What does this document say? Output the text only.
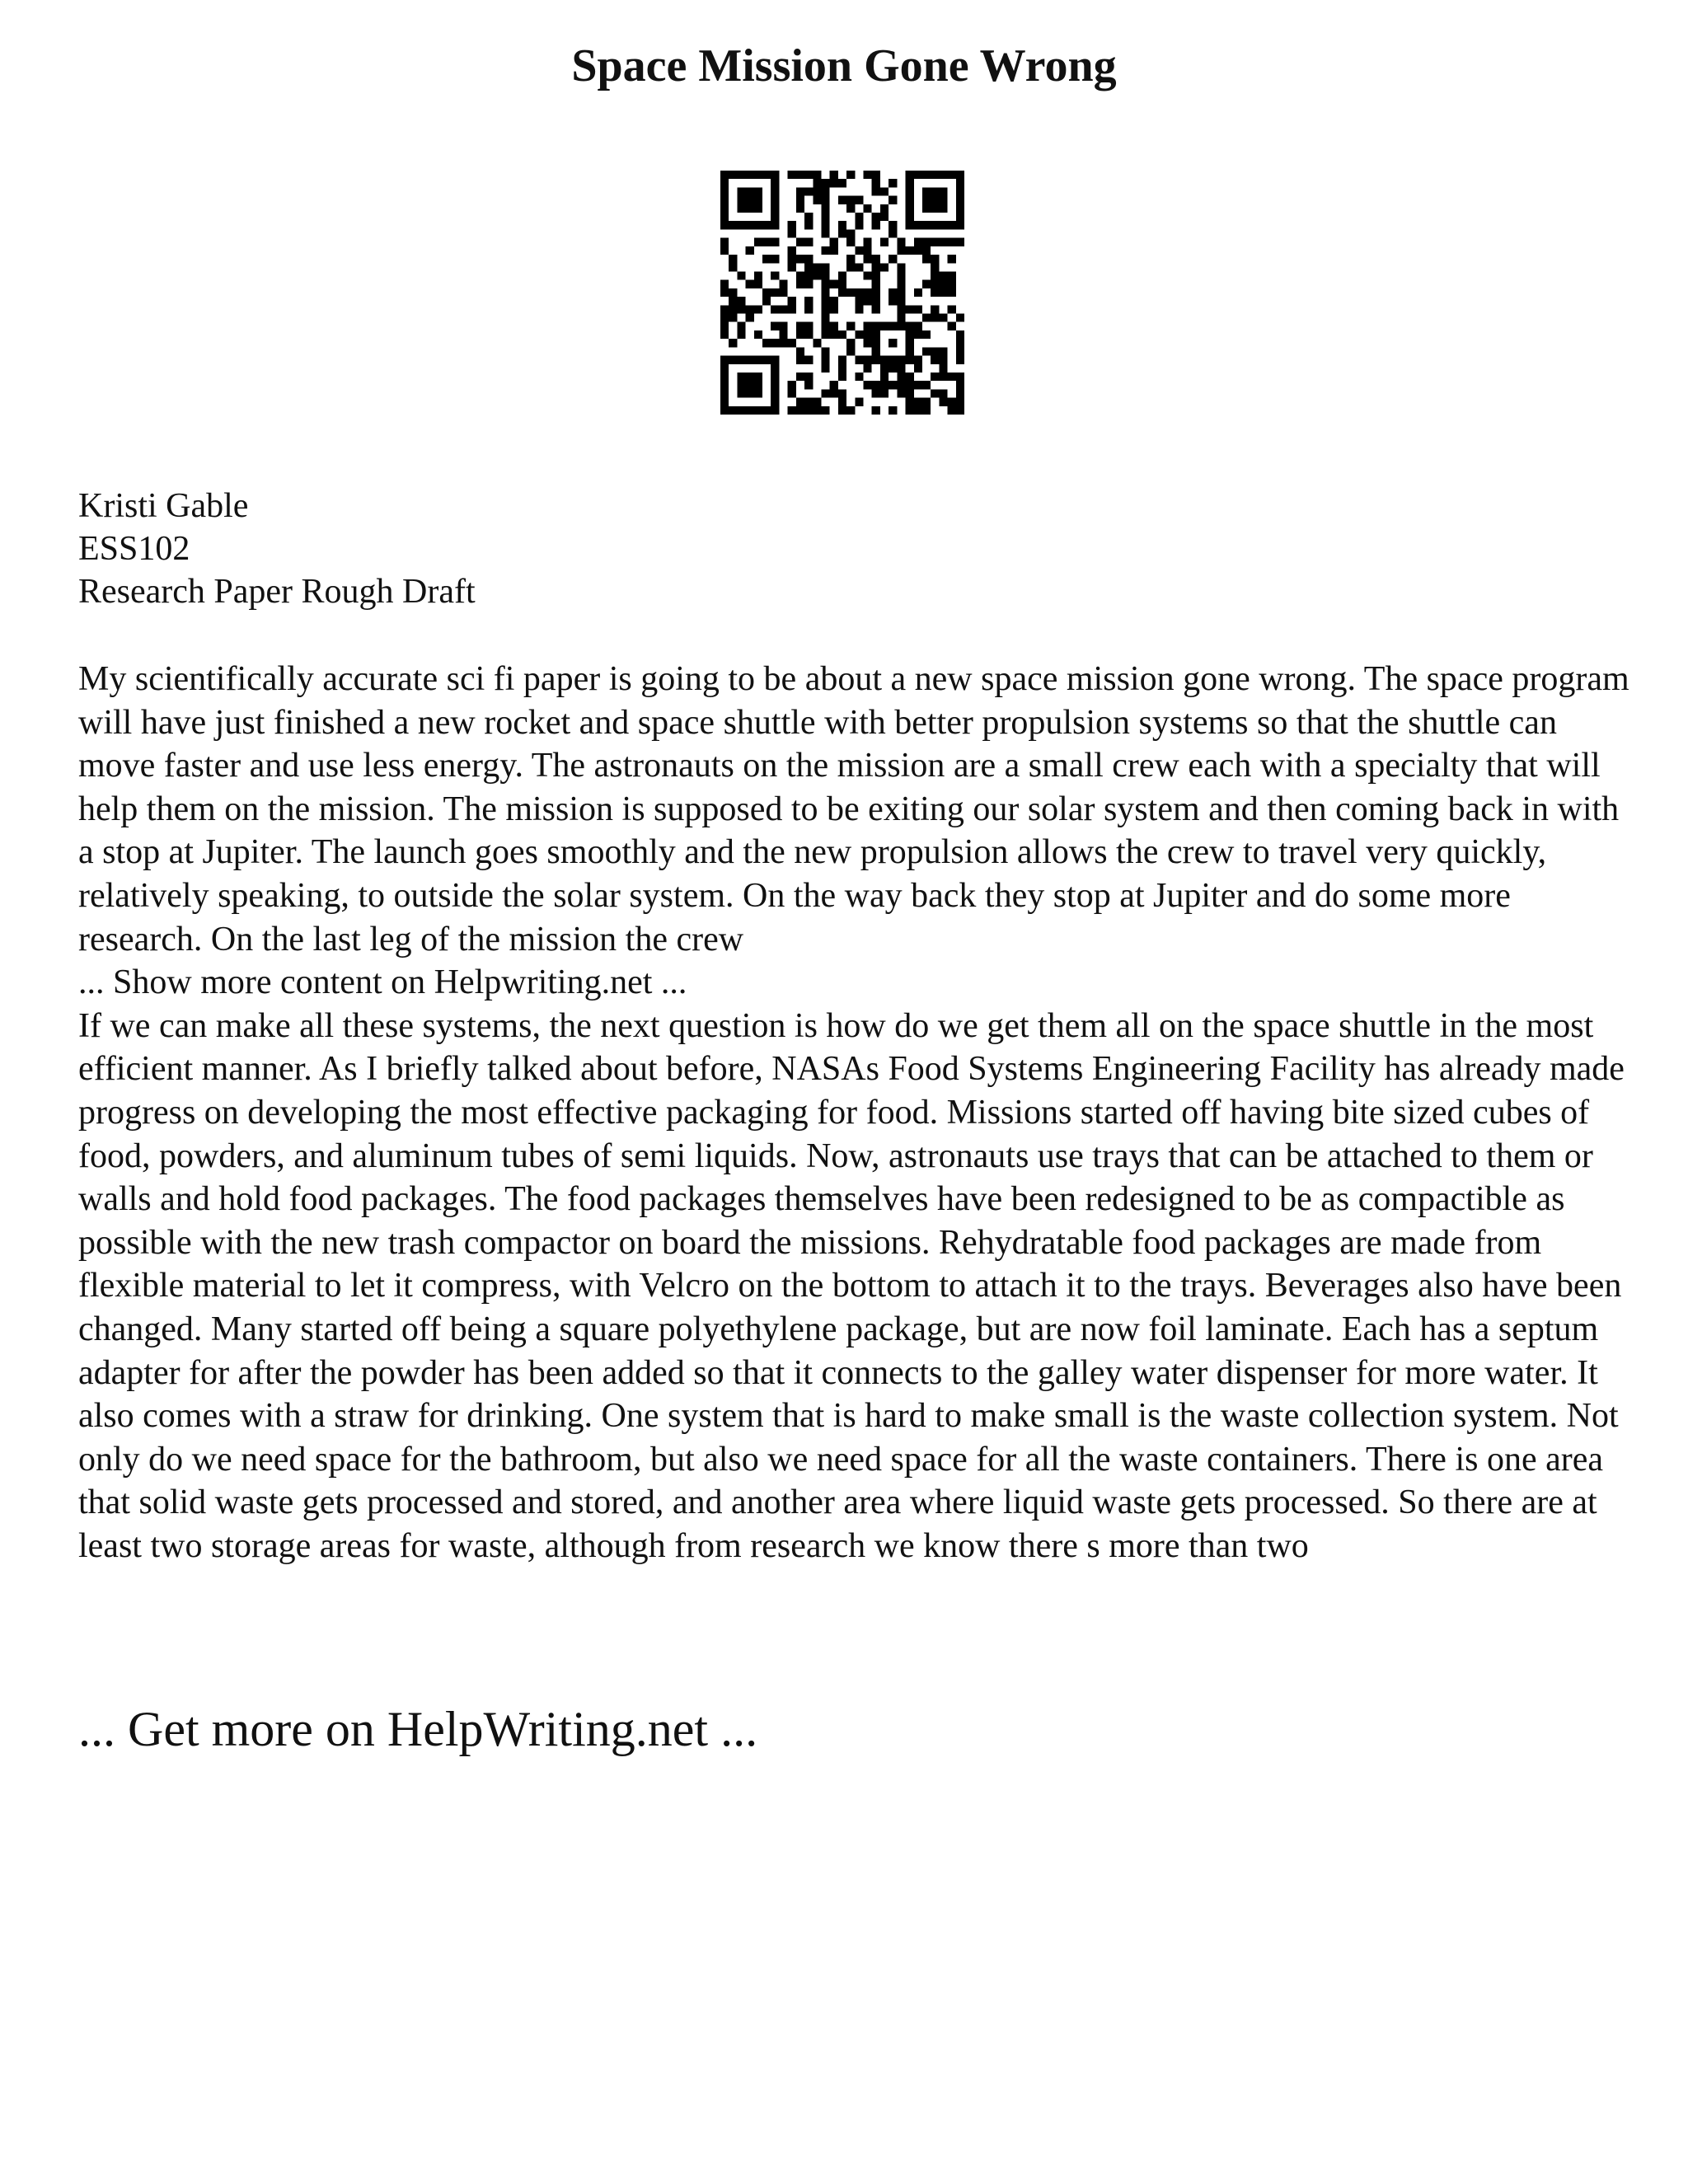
Space Mission Gone Wrong
Kristi Gable
ESS102
Research Paper Rough Draft

My scientifically accurate sci fi paper is going to be about a new space mission gone wrong. The space program will have just finished a new rocket and space shuttle with better propulsion systems so that the shuttle can move faster and use less energy. The astronauts on the mission are a small crew each with a specialty that will help them on the mission. The mission is supposed to be exiting our solar system and then coming back in with a stop at Jupiter. The launch goes smoothly and the new propulsion allows the crew to travel very quickly, relatively speaking, to outside the solar system. On the way back they stop at Jupiter and do some more research. On the last leg of the mission the crew

... Show more content on Helpwriting.net ...

If we can make all these systems, the next question is how do we get them all on the space shuttle in the most efficient manner. As I briefly talked about before, NASAs Food Systems Engineering Facility has already made progress on developing the most effective packaging for food. Missions started off having bite sized cubes of food, powders, and aluminum tubes of semi liquids. Now, astronauts use trays that can be attached to them or walls and hold food packages. The food packages themselves have been redesigned to be as compactible as possible with the new trash compactor on board the missions. Rehydratable food packages are made from flexible material to let it compress, with Velcro on the bottom to attach it to the trays. Beverages also have been changed. Many started off being a square polyethylene package, but are now foil laminate. Each has a septum adapter for after the powder has been added so that it connects to the galley water dispenser for more water. It also comes with a straw for drinking. One system that is hard to make small is the waste collection system. Not only do we need space for the bathroom, but also we need space for all the waste containers. There is one area that solid waste gets processed and stored, and another area where liquid waste gets processed. So there are at least two storage areas for waste, although from research we know there s more than two

... Get more on HelpWriting.net ...
